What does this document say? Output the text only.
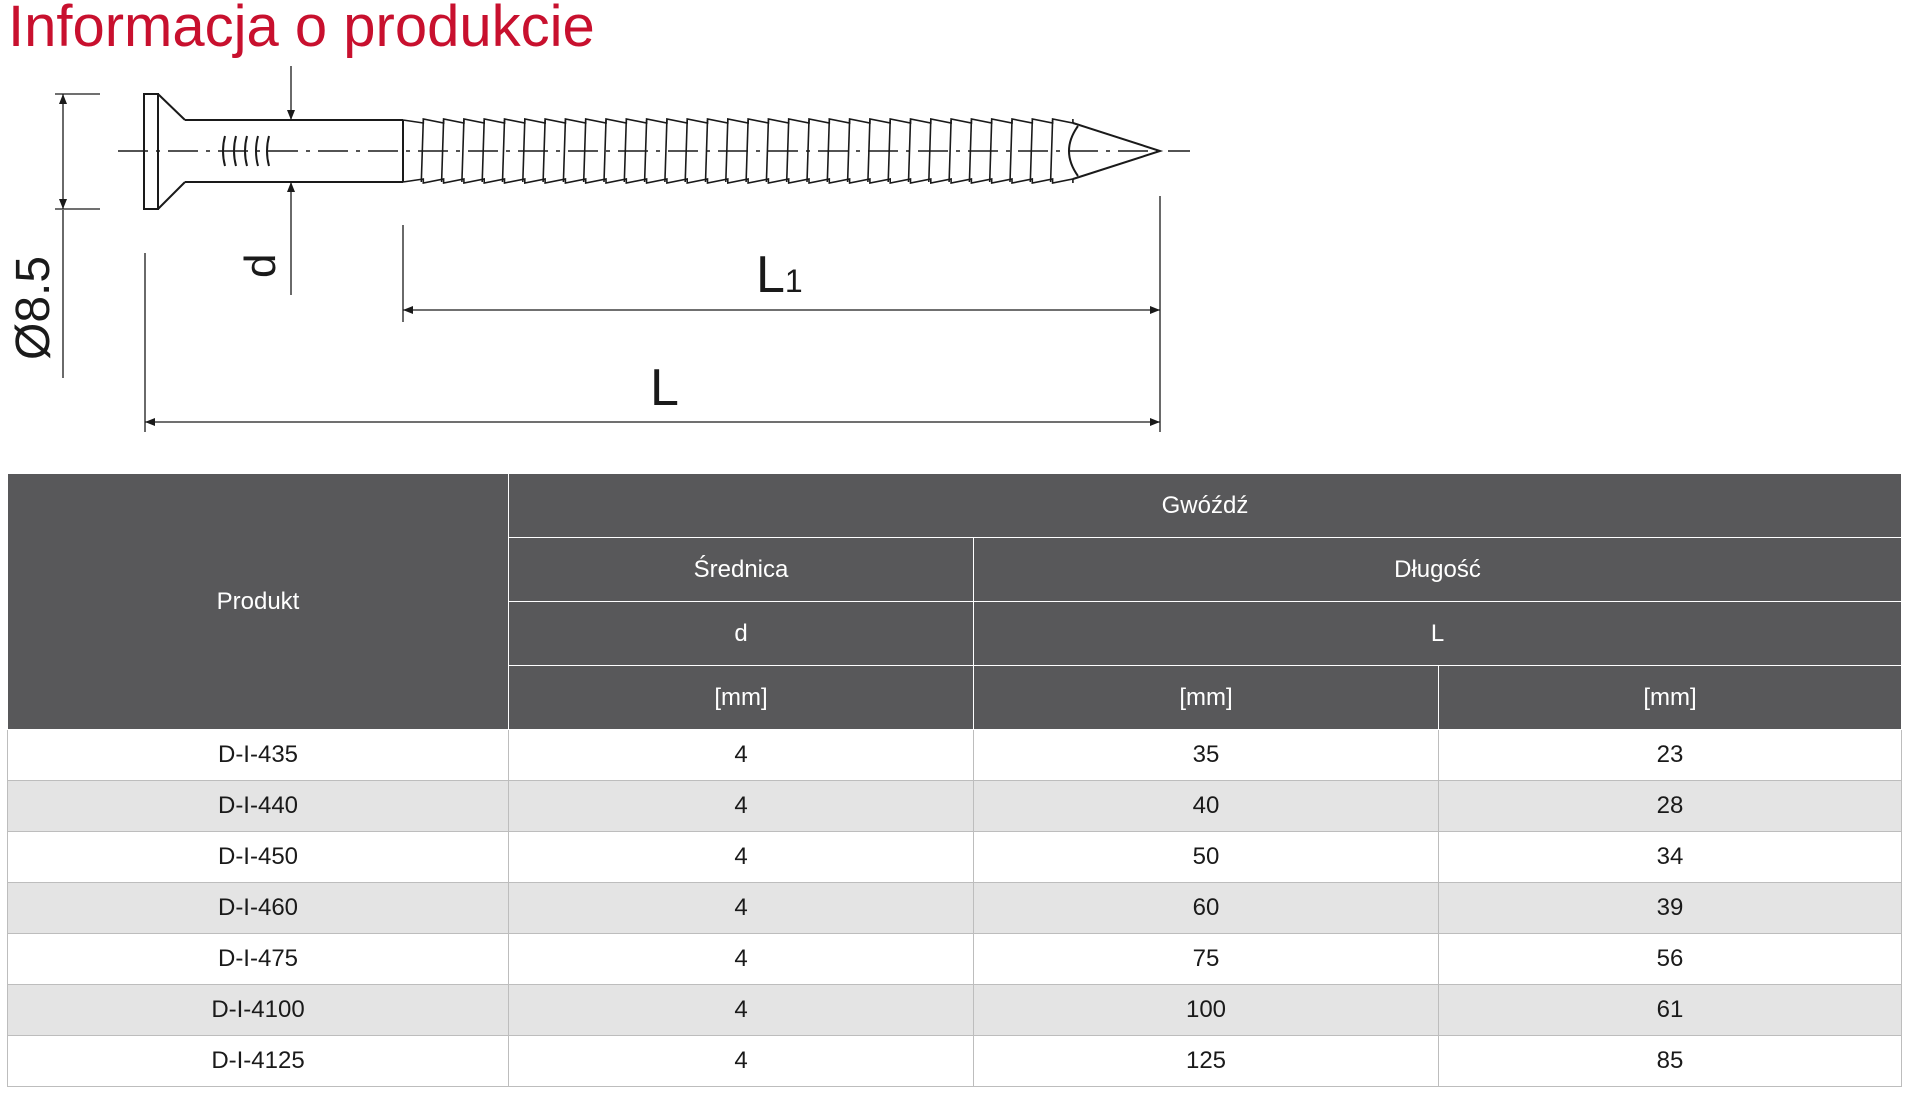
Informacja o produkcie
Ø8.5	d	L1
L
Produkt	Gwóźdź		
	Średnica	Długość	
	d	L	
	[mm]	[mm]	[mm]
D-I-435	4	35	23
D-I-440	4	40	28
D-I-450	4	50	34
D-I-460	4	60	39
D-I-475	4	75	56
D-I-4100	4	100	61
D-I-4125	4	125	85
